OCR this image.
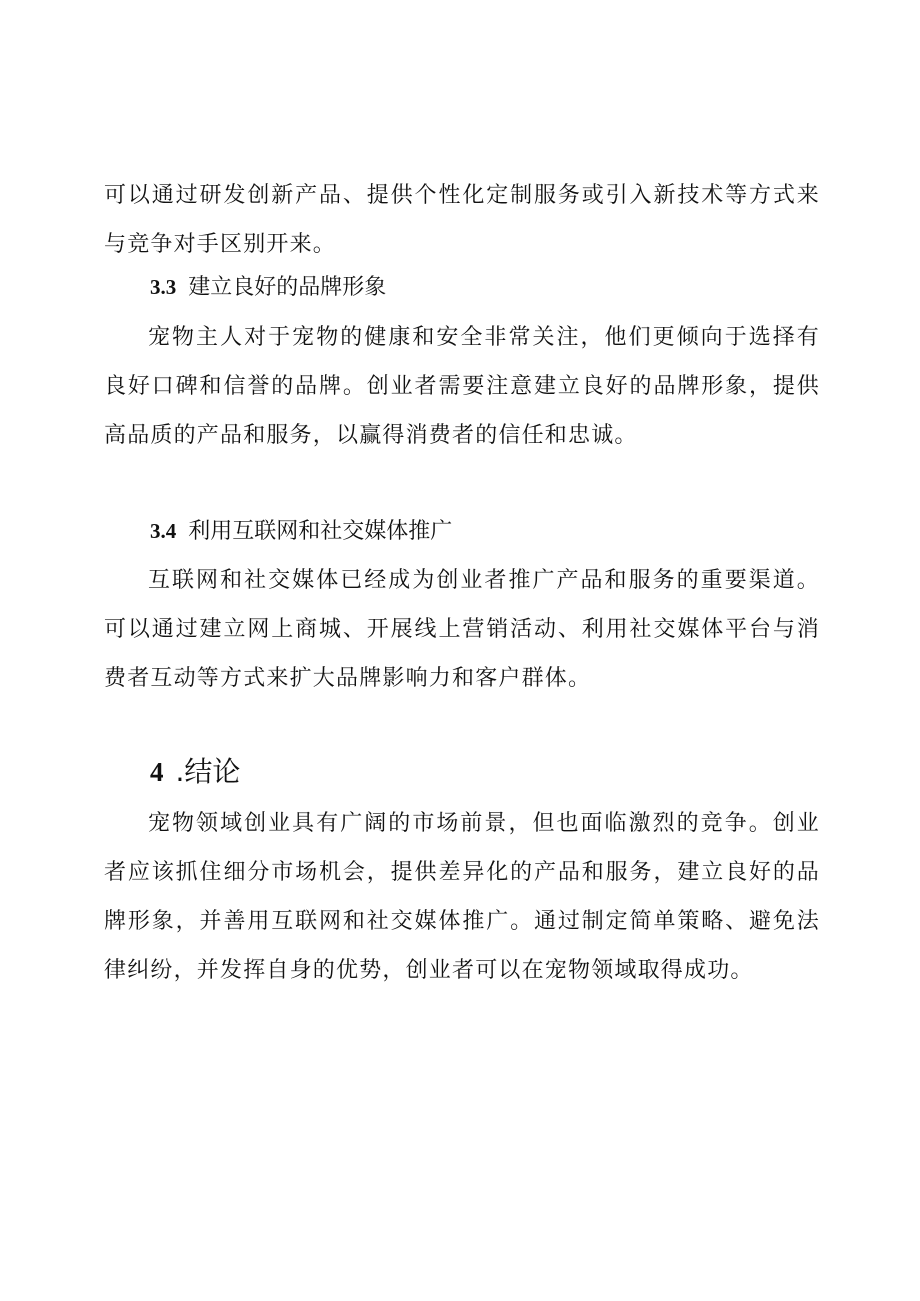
可以通过研发创新产品、提供个性化定制服务或引入新技术等方式来与竞争对手区别开来。

3.3 建立良好的品牌形象

宠物主人对于宠物的健康和安全非常关注，他们更倾向于选择有良好口碑和信誉的品牌。创业者需要注意建立良好的品牌形象，提供高品质的产品和服务，以赢得消费者的信任和忠诚。

3.4 利用互联网和社交媒体推广

互联网和社交媒体已经成为创业者推广产品和服务的重要渠道。可以通过建立网上商城、开展线上营销活动、利用社交媒体平台与消费者互动等方式来扩大品牌影响力和客户群体。

4 .结论

宠物领域创业具有广阔的市场前景，但也面临激烈的竞争。创业者应该抓住细分市场机会，提供差异化的产品和服务，建立良好的品牌形象，并善用互联网和社交媒体推广。通过制定简单策略、避免法律纠纷，并发挥自身的优势，创业者可以在宠物领域取得成功。
